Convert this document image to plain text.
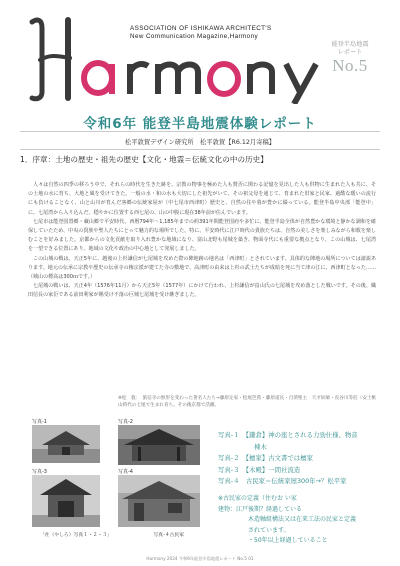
ASSOCIATION OF ISHIKAWA ARCHITECT'S
New Communication Magazine,Harmony
能登半島地震
レポート
No.5
令和6年 能登半島地震体験レポート
松平敦賀デザイン研究所　松平敦賀【R6.12月寄稿】
1．序章：土地の歴史・祖先の歴史【文化・地霊＝伝統文化の中の历史】

人々は自然の四季の移ろう中で、それらの時代を生きた跡を、宗教の物事を極めた人も賛否に関わる記憶を見出した人も供物に生まれた人も共に、その土地の水に育ち、大地と風を受けてきた。一般の水・和の水も大切にした祖先がいて、その祖父母を通じて、育まれた旧家と民家、過酷な暖いの流行にも負けることなく、山と山川が育んだ客郷の伝統家屋が（中七尾市西津町）歴史と、自然の住や暮が豊かに綴っている。能登半島中央部「能登中」に、七尾湾から入り込んだ、穏やかに位置する西七尾の、山の中腹に現在38年前が住んでいます。

七尾市は能登国置郷・蔵山郷で平安時代、西暦794年～1,185年までの約391年間能登国府や多忙に、能登半島全体が自然豊かな環境と静かな調和を確保していたため、中央の貴族や聖人たちにとって魅力的な場所でした。特に、平安時代に江戸時代の貴族たちは、自然の美しさを楽しみながら和歌を楽しむことを好みました。京都からの文化貢献を取り入れ豊かな地域になり、富山北野も尾城を築き、物面寺代にも重要な拠点となり、この山城は、七尾湾を一望できる位置にあり、地域の文化や政治の中心地として発展しました。

この山城の戦は、天正5年に、越後の上杉謙信が七尾城を攻めた際の陣地跡の地名は「西津町」とされています。具体的な陣地の場所については諸説あります。地元の伝承に宗教や歴史の伝承寺の権宗派が建てた寺の敷地で、高津町の由来は上杉の武士たちが成暗を死に当て津の江に、西津町となった……（城山の標高は300ｍです。）

七尾城の戦いは、天正4年（1576年11月）から天正5年（1577年）にかけて行われ、上杉謙信が畠山氏の七尾城を攻め落とした戦いです。その後、織田信長の家臣である前田利家が賜受け不落の巨城七尾城を受け継ぎました。

※松　敦：　旅信寺の無形を変わった著名人たち→藤原定家・松尾芭蕉・藤原道長・百済聖主　天才絵師・長谷川等伯（安土桃山時代の七尾で生まれ育ち。その後京都で活躍。
写真-1	写真-2
写真-3	写真-4
写真-１　【鎌倉】神の座とされる力勁仕様、物音
棟木
写真-２　【檀家】古文書では檀家
写真-３　【木殿】一間社流造
写真-４　古民家＝伝統家屋300年→？松平家
※古民家の定義（住むお い家
建物：江戸後期？経過している
木造軸組構法又は在来工法の民家と定義
されています。
・50年以上経過していること
「社（やしろ）写真１・２・３」	写真-４古民家
Harmony 2024 令和6年能登半島地震レポート No.5 01
